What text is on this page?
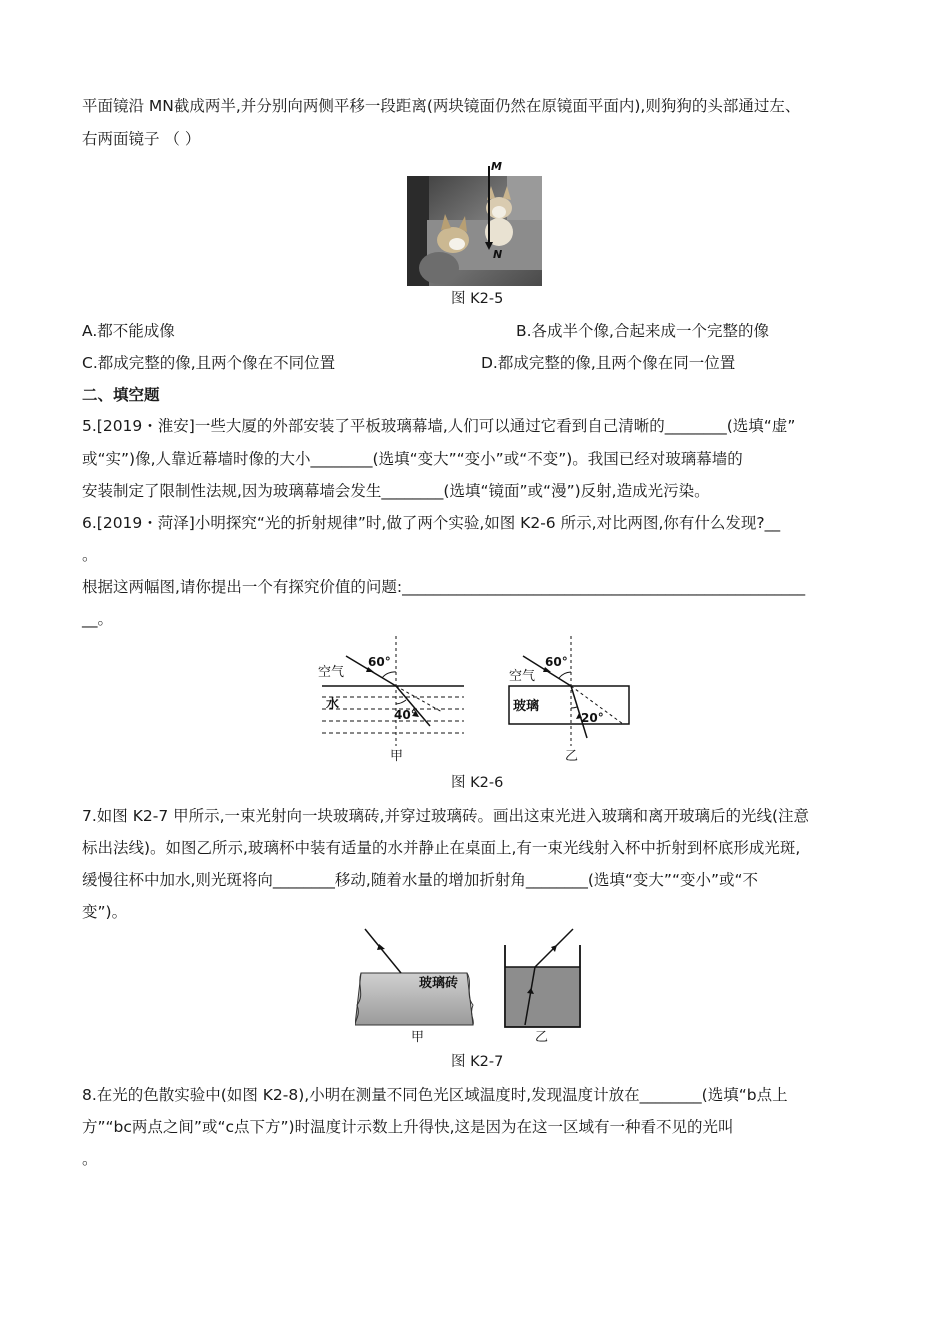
平面镜沿 MN截成两半,并分别向两侧平移一段距离(两块镜面仍然在原镜面平面内),则狗狗的头部通过左、
右两面镜子 （ ）
M
N
图 K2-5
A.都不能成像	B.各成半个像,合起来成一个完整的像
C.都成完整的像,且两个像在不同位置	D.都成完整的像,且两个像在同一位置
二、填空题
5.[2019・淮安]一些大厦的外部安装了平板玻璃幕墙,人们可以通过它看到自己清晰的________(选填“虚”
或“实”)像,人靠近幕墙时像的大小________(选填“变大”“变小”或“不变”)。我国已经对玻璃幕墙的
安装制定了限制性法规,因为玻璃幕墙会发生________(选填“镜面”或“漫”)反射,造成光污染。
6.[2019・菏泽]小明探究“光的折射规律”时,做了两个实验,如图 K2-6 所示,对比两图,你有什么发现?__
。
根据这两幅图,请你提出一个有探究价值的问题:____________________________________________________
__。
空气
60°
水
40°
甲
空气
60°
玻璃
20°
乙
图 K2-6
7.如图 K2-7 甲所示,一束光射向一块玻璃砖,并穿过玻璃砖。画出这束光进入玻璃和离开玻璃后的光线(注意
标出法线)。如图乙所示,玻璃杯中装有适量的水并静止在桌面上,有一束光线射入杯中折射到杯底形成光斑,
缓慢往杯中加水,则光斑将向________移动,随着水量的增加折射角________(选填“变大”“变小”或“不
变”)。
玻璃砖
甲	乙
图 K2-7
8.在光的色散实验中(如图 K2-8),小明在测量不同色光区域温度时,发现温度计放在________(选填“b点上
方”“bc两点之间”或“c点下方”)时温度计示数上升得快,这是因为在这一区域有一种看不见的光叫
。
